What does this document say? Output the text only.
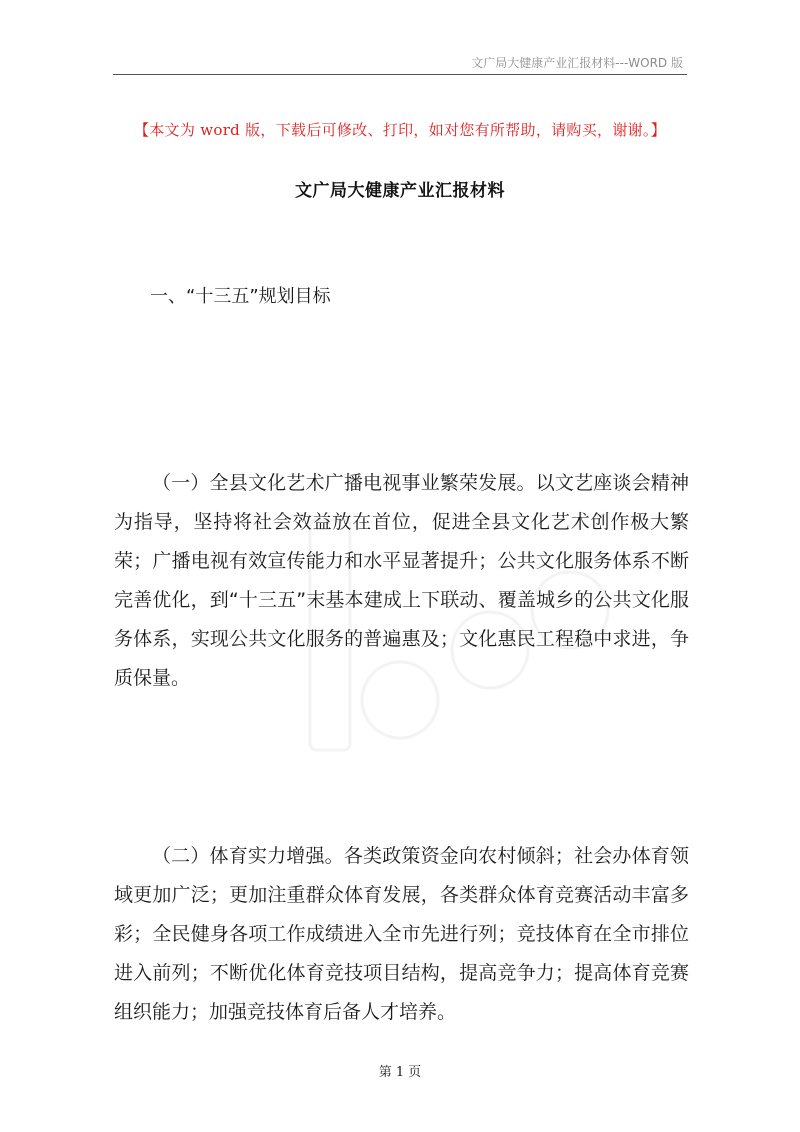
文广局大健康产业汇报材料---WORD 版
【本文为 word 版，下载后可修改、打印，如对您有所帮助，请购买，谢谢。】
文广局大健康产业汇报材料
一、“十三五”规划目标

（一）全县文化艺术广播电视事业繁荣发展。以文艺座谈会精神为指导，坚持将社会效益放在首位，促进全县文化艺术创作极大繁荣；广播电视有效宣传能力和水平显著提升；公共文化服务体系不断完善优化，到“十三五”末基本建成上下联动、覆盖城乡的公共文化服务体系，实现公共文化服务的普遍惠及；文化惠民工程稳中求进，争质保量。

（二）体育实力增强。各类政策资金向农村倾斜；社会办体育领域更加广泛；更加注重群众体育发展，各类群众体育竞赛活动丰富多彩；全民健身各项工作成绩进入全市先进行列；竞技体育在全市排位进入前列；不断优化体育竞技项目结构，提高竞争力；提高体育竞赛组织能力；加强竞技体育后备人才培养。

第 1 页
